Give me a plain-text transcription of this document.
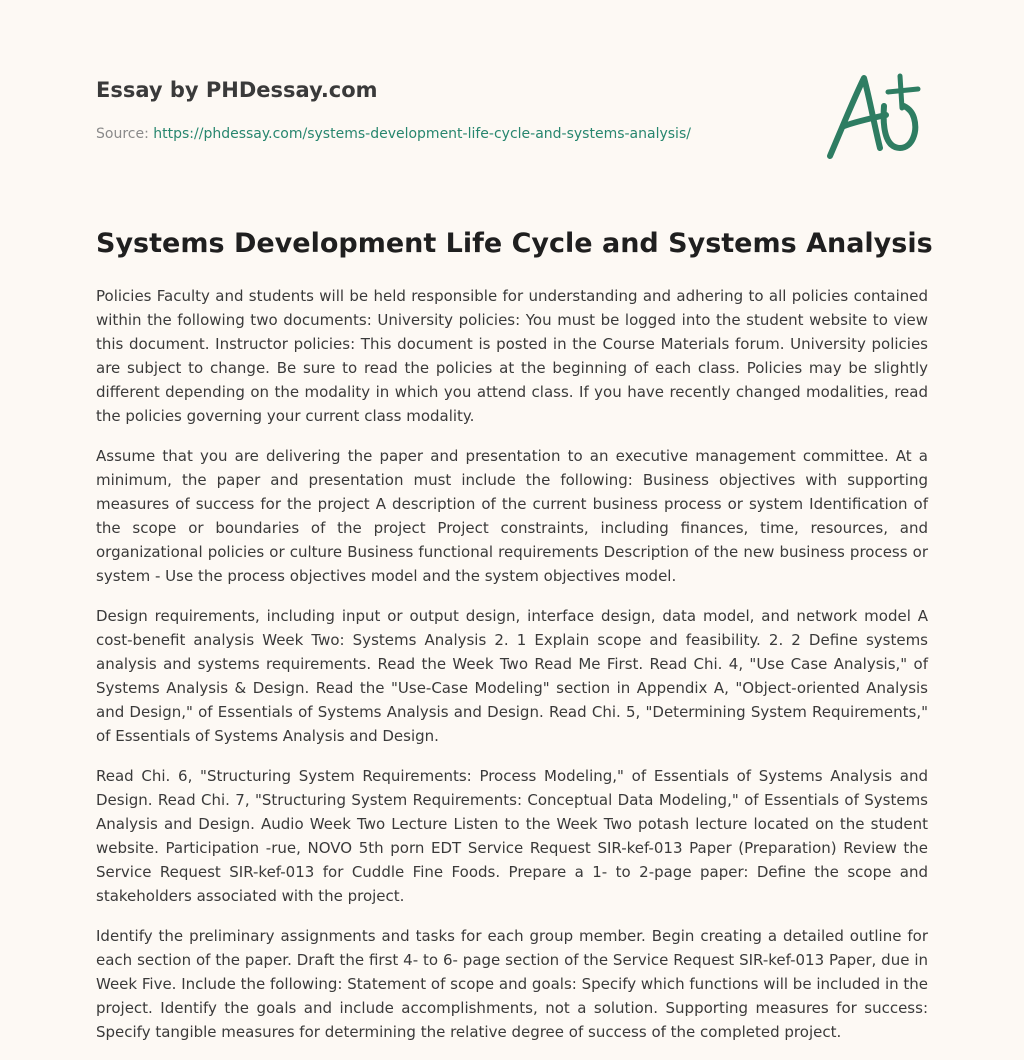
Essay by PHDessay.com
Source: https://phdessay.com/systems-development-life-cycle-and-systems-analysis/
Systems Development Life Cycle and Systems Analysis

Policies Faculty and students will be held responsible for understanding and adhering to all policies contained within the following two documents: University policies: You must be logged into the student website to view this document. Instructor policies: This document is posted in the Course Materials forum. University policies are subject to change. Be sure to read the policies at the beginning of each class. Policies may be slightly different depending on the modality in which you attend class. If you have recently changed modalities, read the policies governing your current class modality.

Assume that you are delivering the paper and presentation to an executive management committee. At a minimum, the paper and presentation must include the following: Business objectives with supporting measures of success for the project A description of the current business process or system Identification of the scope or boundaries of the project Project constraints, including finances, time, resources, and organizational policies or culture Business functional requirements Description of the new business process or system - Use the process objectives model and the system objectives model.

Design requirements, including input or output design, interface design, data model, and network model A cost-benefit analysis Week Two: Systems Analysis 2. 1 Explain scope and feasibility. 2. 2 Define systems analysis and systems requirements. Read the Week Two Read Me First. Read Chi. 4, "Use Case Analysis," of Systems Analysis & Design. Read the "Use-Case Modeling" section in Appendix A, "Object-oriented Analysis and Design," of Essentials of Systems Analysis and Design. Read Chi. 5, "Determining System Requirements," of Essentials of Systems Analysis and Design.

Read Chi. 6, "Structuring System Requirements: Process Modeling," of Essentials of Systems Analysis and Design. Read Chi. 7, "Structuring System Requirements: Conceptual Data Modeling," of Essentials of Systems Analysis and Design. Audio Week Two Lecture Listen to the Week Two potash lecture located on the student website. Participation -rue, NOVO 5th porn EDT Service Request SIR-kef-013 Paper (Preparation) Review the Service Request SIR-kef-013 for Cuddle Fine Foods. Prepare a 1- to 2-page paper: Define the scope and stakeholders associated with the project.

Identify the preliminary assignments and tasks for each group member. Begin creating a detailed outline for each section of the paper. Draft the first 4- to 6- page section of the Service Request SIR-kef-013 Paper, due in Week Five. Include the following: Statement of scope and goals: Specify which functions will be included in the project. Identify the goals and include accomplishments, not a solution. Supporting measures for success: Specify tangible measures for determining the relative degree of success of the completed project.
